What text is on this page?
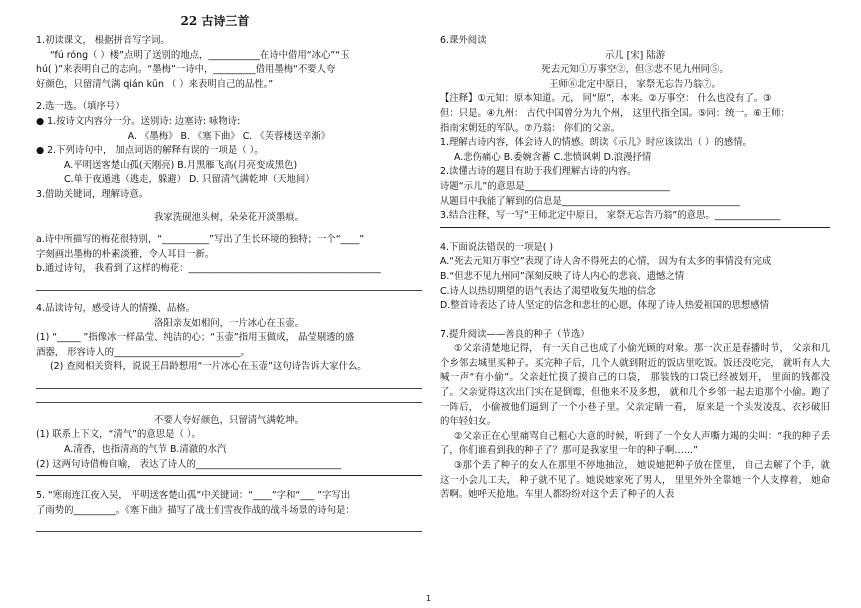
22 古诗三首
1.初读课文， 根据拼音写字词。
“fú róng（ ）楼”点明了送别的地点，___________在诗中借用“冰心”“玉
hú( )”来表明自己的志向。“墨梅”一诗中，_________借用墨梅“不要人夸
好颜色，只留清气满 qián kūn （ ）来表明自己的品性。”
2.选一选。（填序号）
● 1.按诗文内容分一分。送别诗: 边塞诗: 咏物诗:
A. 《墨梅》 B. 《塞下曲》 C. 《芙蓉楼送辛渐》
● 2.下列诗句中， 加点词语的解释有误的一项是（ ）。
A.平明送客楚山孤(天刚亮) B.月黑雁飞高(月亮变成黑色)
C.单于夜遁逃（逃走，躲避） D. 只留清气满乾坤（天地间）
3.借助关键词，理解诗意。
我家洗砚池头树，朵朵花开淡墨痕。
a.诗中所描写的梅花很特别，“__________”写出了生长环境的独特；一个“____”
字刻画出墨梅的朴素淡雅，令人耳目一新。
b.通过诗句， 我看到了这样的梅花：_________________________________________
4.品读诗句，感受诗人的情操、品格。
洛阳亲友如相问，一片冰心在玉壶。
(1) “_____ ”指像冰一样晶莹、纯洁的心；“玉壶”指用玉做成， 晶莹剔透的盛
酒器， 形容诗人的___________________________。
(2) 查阅相关资料，说说王昌龄想用“一片冰心在玉壶”这句诗告诉大家什么。
不要人夸好颜色，只留清气满乾坤。
(1) 联系上下文，“清气”的意思是（ ）。
A.清香，也指清高的气节 B.清澈的水汽
(2) 这两句诗借梅自喻， 表达了诗人的_______________________________
5. “寒雨连江夜入吴， 平明送客楚山孤”中关键词：“____”字和“___ ”字写出
了雨势的_________。《塞下曲》描写了战士们雪夜作战的战斗场景的诗句是：
6.课外阅读
示儿 [宋] 陆游
死去元知①万事空②，但③悲不见九州同⑤。
王师⑥北定中原日， 家祭无忘告乃翁⑦。
【注释】①元知：原本知道。元， 同“原”，本来。②万事空： 什么也没有了。③
但：只是。④九州： 古代中国曾分为九个州， 这里代指全国。⑤同：统一。⑥王师：
指南宋朝廷的军队。⑦乃翁： 你们的父亲。
1.理解古诗内容，体会诗人的情感。朗读《示儿》时应该读出（ ）的感情。
A.悲伤痛心 B.委婉含蓄 C.悲愤讽刺 D.浪漫抒情
2.读懂古诗的题目有助于我们理解古诗的内容。
诗题“示儿”的意思是_______________________________
从题目中我能了解到的信息是______________________________________
3.结合注释，写一写“王师北定中原日， 家祭无忘告乃翁”的意思。______________
4.下面说法错误的一项是( )
A.“死去元知万事空”表现了诗人舍不得死去的心情， 因为有太多的事情没有完成
B.“但悲不见九州同”深刻反映了诗人内心的悲哀、遗憾之情
C.诗人以热切期望的语气表达了渴望收复失地的信念
D.整首诗表达了诗人坚定的信念和悲壮的心愿，体现了诗人热爱祖国的思想感情
7.提升阅读——善良的种子（节选）
①父亲清楚地记得， 有一天自己也成了小偷光顾的对象。那一次正是春播时节， 父亲和几个乡邻去城里买种子。买完种子后，几个人就到附近的饭店里吃饭。饭还没吃完， 就听有人大喊一声“有小偷”。父亲赶忙摸了摸自己的口袋， 那装钱的口袋已经被划开， 里面的钱都没了。父亲觉得这次出门实在是倒霉，但他来不及多想， 就和几个乡邻一起去追那个小偷。跑了一阵后， 小偷被他们逼到了一个小巷子里。父亲定睛一看， 原来是一个头发凌乱、衣衫破旧的年轻妇女。
②父亲正在心里痛骂自己粗心大意的时候，听到了一个女人声嘶力竭的尖叫：“我的种子丢了，你们谁看到我的种子了？那可是我家里一年的种子啊……”
③那个丢了种子的女人在那里不停地抽泣， 她说她把种子放在筐里， 自己去解了个手，就这一小会儿工夫， 种子就不见了。她说她家死了男人， 里里外外全靠她一个人支撑着， 她命苦啊。她呼天抢地。车里人都纷纷对这个丢了种子的人表
1
